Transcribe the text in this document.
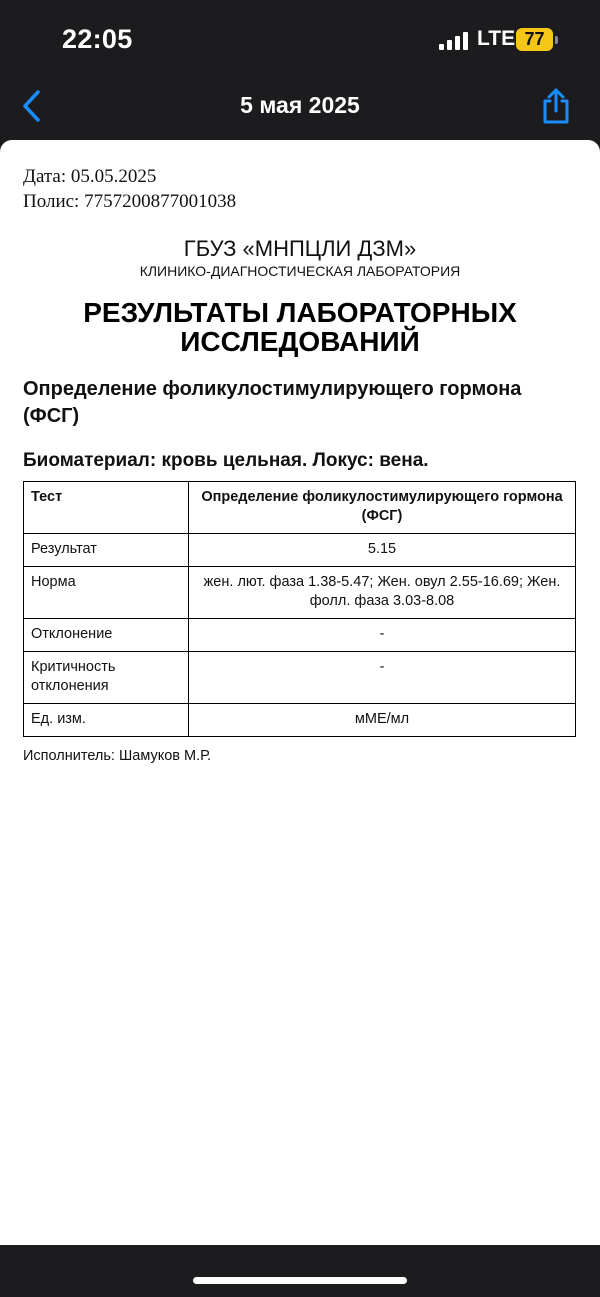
22:05	LTE 77
5 мая 2025
Дата: 05.05.2025
Полис: 7757200877001038
ГБУЗ «МНПЦЛИ ДЗМ»
КЛИНИКО-ДИАГНОСТИЧЕСКАЯ ЛАБОРАТОРИЯ
РЕЗУЛЬТАТЫ ЛАБОРАТОРНЫХ ИССЛЕДОВАНИЙ
Определение фоликулостимулирующего гормона (ФСГ)
Биоматериал: кровь цельная. Локус: вена.
Тест	Определение фоликулостимулирующего гормона (ФСГ)
Результат	5.15
Норма	жен. лют. фаза 1.38-5.47; Жен. овул 2.55-16.69; Жен. фолл. фаза 3.03-8.08
Отклонение	-
Критичность отклонения	-
Ед. изм.	мМЕ/мл
Исполнитель: Шамуков М.Р.
